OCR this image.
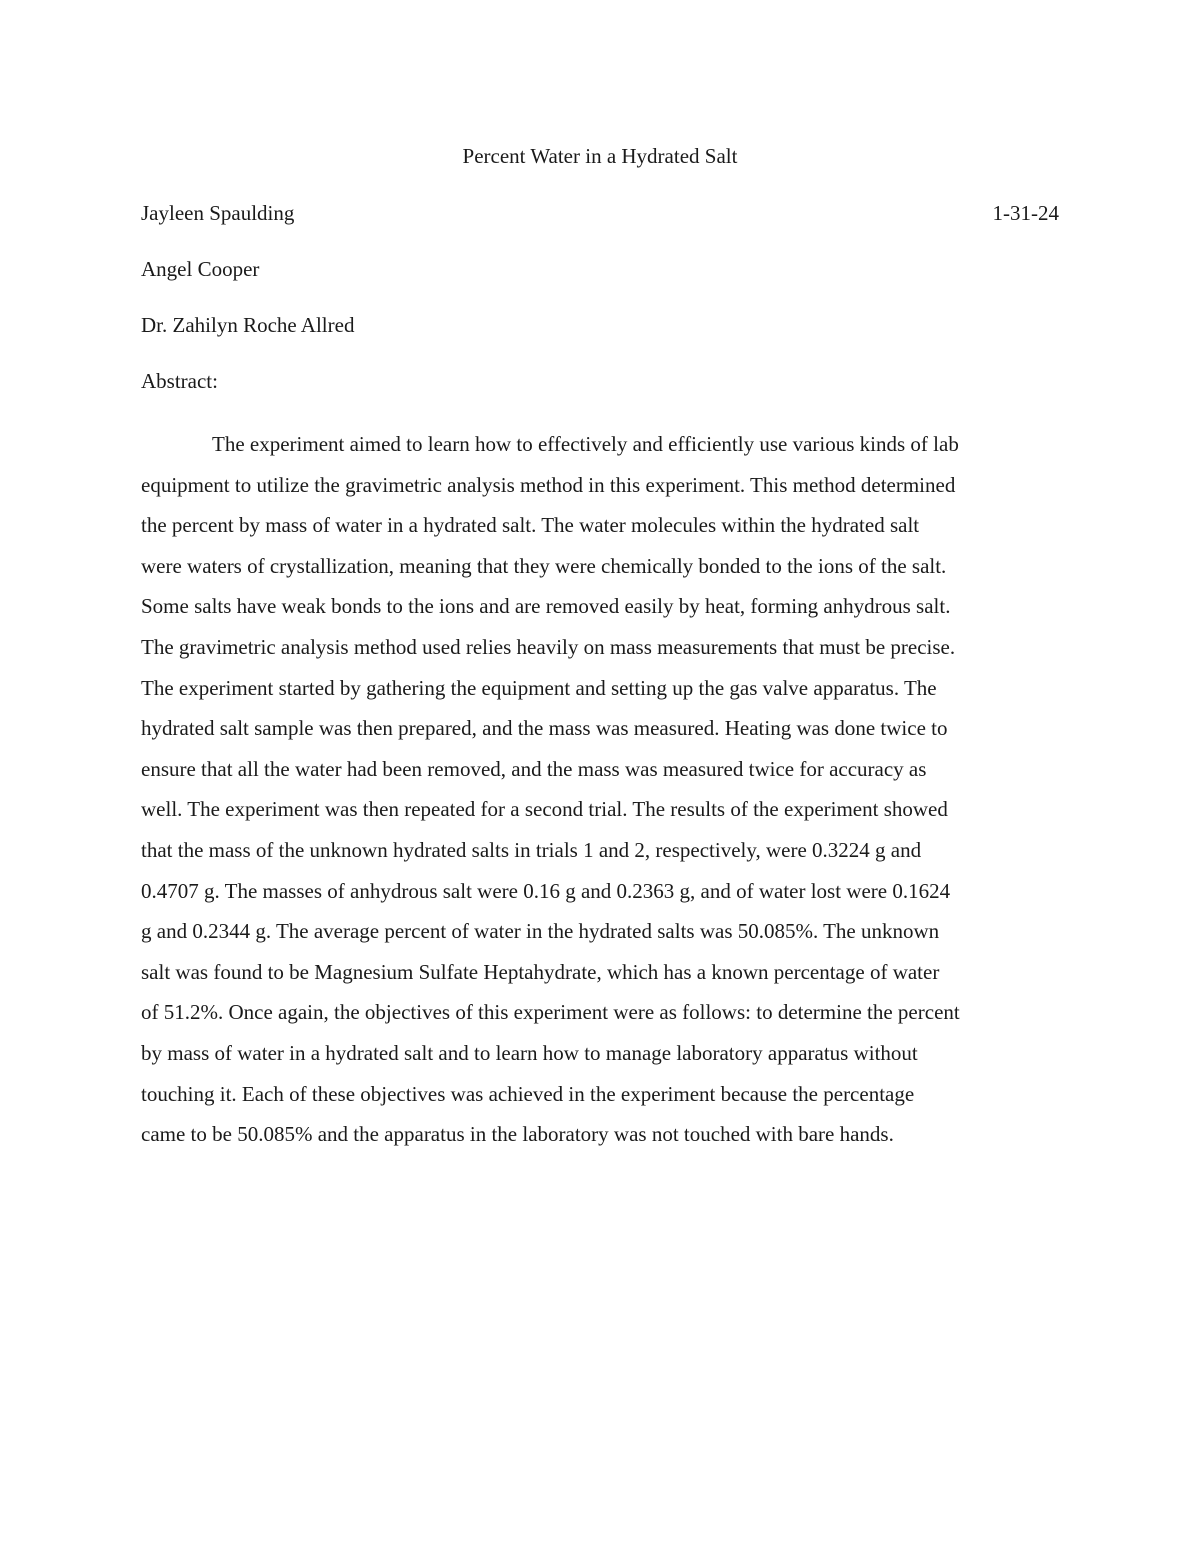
Percent Water in a Hydrated Salt
Jayleen Spaulding	1-31-24
Angel Cooper
Dr. Zahilyn Roche Allred
Abstract:
The experiment aimed to learn how to effectively and efficiently use various kinds of lab
equipment to utilize the gravimetric analysis method in this experiment. This method determined
the percent by mass of water in a hydrated salt. The water molecules within the hydrated salt
were waters of crystallization, meaning that they were chemically bonded to the ions of the salt.
Some salts have weak bonds to the ions and are removed easily by heat, forming anhydrous salt.
The gravimetric analysis method used relies heavily on mass measurements that must be precise.
The experiment started by gathering the equipment and setting up the gas valve apparatus. The
hydrated salt sample was then prepared, and the mass was measured. Heating was done twice to
ensure that all the water had been removed, and the mass was measured twice for accuracy as
well. The experiment was then repeated for a second trial. The results of the experiment showed
that the mass of the unknown hydrated salts in trials 1 and 2, respectively, were 0.3224 g and
0.4707 g. The masses of anhydrous salt were 0.16 g and 0.2363 g, and of water lost were 0.1624
g and 0.2344 g. The average percent of water in the hydrated salts was 50.085%. The unknown
salt was found to be Magnesium Sulfate Heptahydrate, which has a known percentage of water
of 51.2%. Once again, the objectives of this experiment were as follows: to determine the percent
by mass of water in a hydrated salt and to learn how to manage laboratory apparatus without
touching it. Each of these objectives was achieved in the experiment because the percentage
came to be 50.085% and the apparatus in the laboratory was not touched with bare hands.
